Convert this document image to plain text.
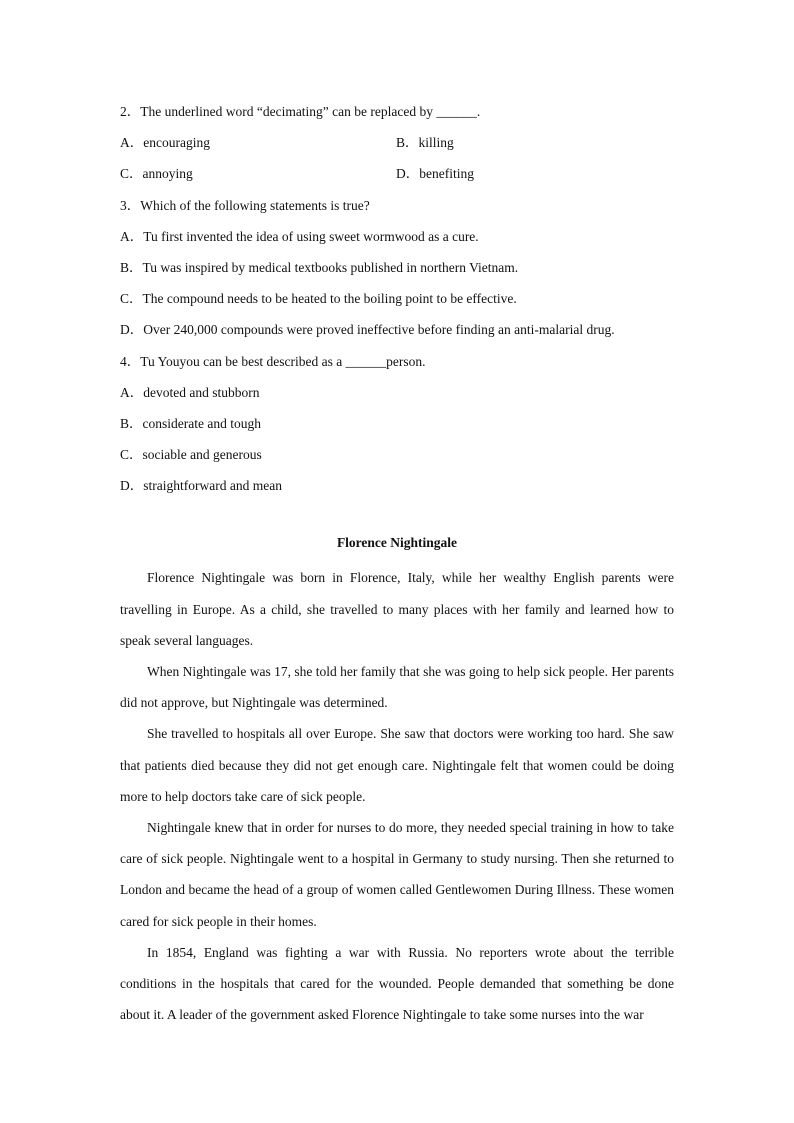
2．The underlined word “decimating” can be replaced by ______.
A．encouraging	B．killing
C．annoying	D．benefiting
3．Which of the following statements is true?
A．Tu first invented the idea of using sweet wormwood as a cure.
B．Tu was inspired by medical textbooks published in northern Vietnam.
C．The compound needs to be heated to the boiling point to be effective.
D．Over 240,000 compounds were proved ineffective before finding an anti-malarial drug.
4．Tu Youyou can be best described as a ______person.
A．devoted and stubborn
B．considerate and tough
C．sociable and generous
D．straightforward and mean
Florence Nightingale

Florence Nightingale was born in Florence, Italy, while her wealthy English parents were travelling in Europe. As a child, she travelled to many places with her family and learned how to speak several languages.

When Nightingale was 17, she told her family that she was going to help sick people. Her parents did not approve, but Nightingale was determined.

She travelled to hospitals all over Europe. She saw that doctors were working too hard. She saw that patients died because they did not get enough care. Nightingale felt that women could be doing more to help doctors take care of sick people.

Nightingale knew that in order for nurses to do more, they needed special training in how to take care of sick people. Nightingale went to a hospital in Germany to study nursing. Then she returned to London and became the head of a group of women called Gentlewomen During Illness. These women cared for sick people in their homes.

In 1854, England was fighting a war with Russia. No reporters wrote about the terrible conditions in the hospitals that cared for the wounded. People demanded that something be done about it. A leader of the government asked Florence Nightingale to take some nurses into the war
